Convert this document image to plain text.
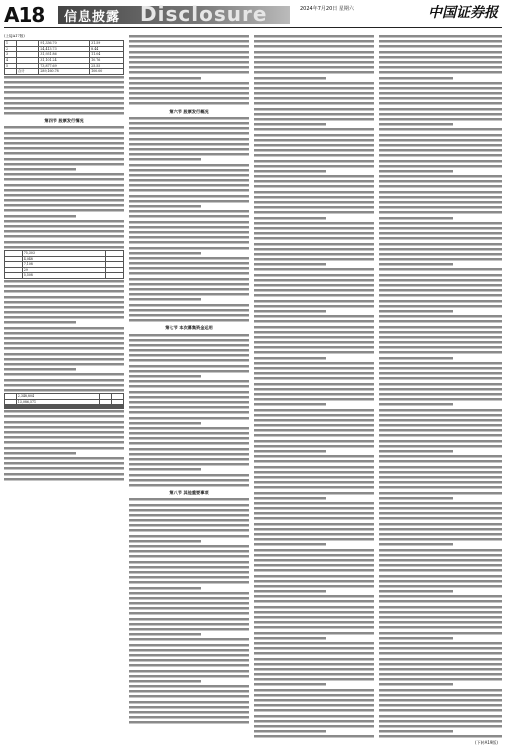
A18	Disclosure
信息披露
2024年7月20日 星期六	中国证券报
(上接A17版)
1		91,336.70	31.59
2		24,413.73	8.44
3		31,931.86	11.04
4		31,101.24	10.76
5		73,877.69	25.55
	合计	289,160.78	100.00
第四节 股票发行情况
	75,303	
	4,048	
	7,108	
	29	
	5,508	
	2,348,804		
	13,086,571		

第六节 股票发行概况
第七节 本次募集资金运用
第八节 其他重要事项
(下转A19版)
